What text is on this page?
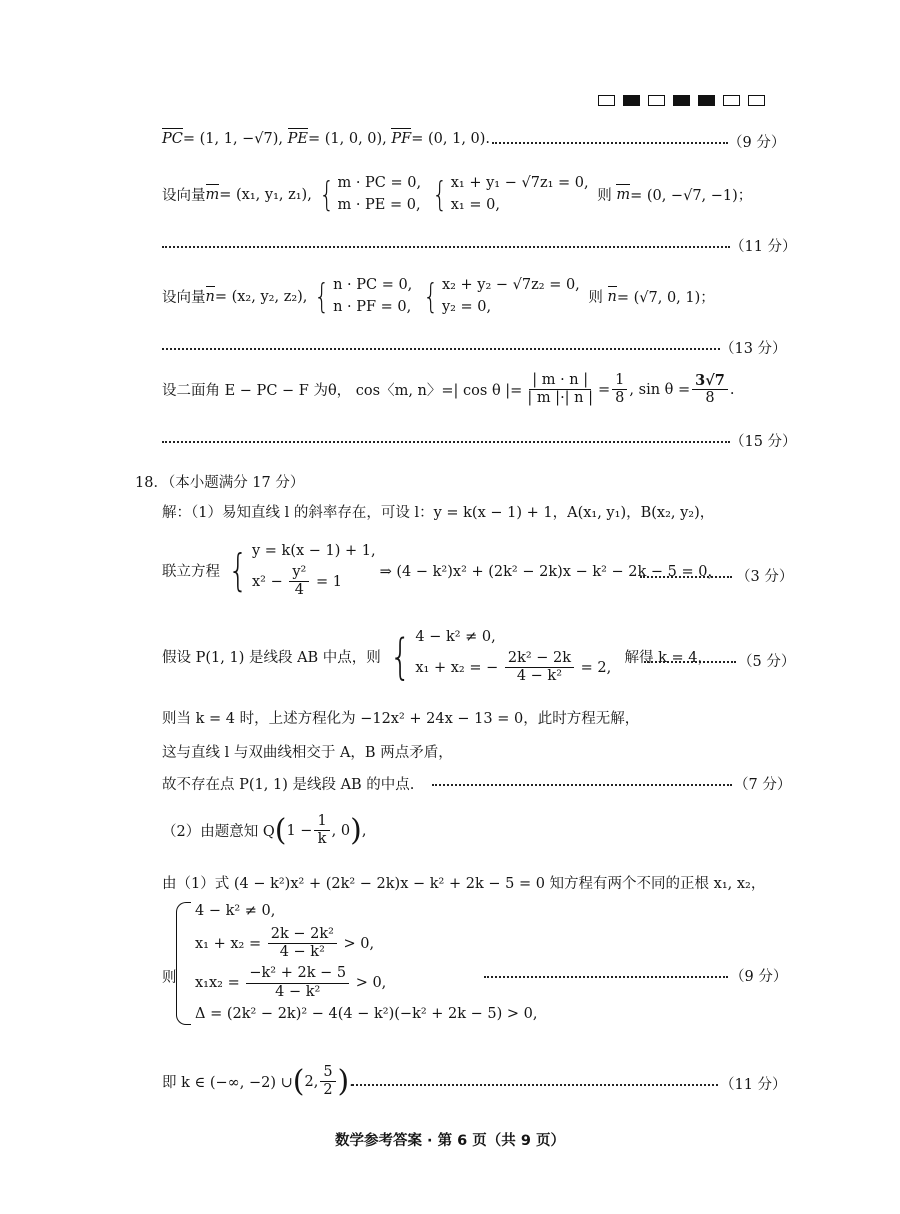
PC = (1, 1, −√7),
PE = (1, 0, 0),
PF = (0, 1, 0).	（9 分）
设向量 m = (x₁, y₁, z₁), { m · PC = 0,
m · PE = 0, { x₁ + y₁ − √7z₁ = 0,
x₁ = 0,

则
m = (0, −√7, −1)；
（11 分）
设向量 n = (x₂, y₂, z₂), { n · PC = 0,
n · PF = 0, { x₂ + y₂ − √7z₂ = 0,
y₂ = 0,

则
n = (√7, 0, 1)；
（13 分）
设二面角 E − PC − F 为θ，
cos〈m, n〉=| cos θ |= $\frac{| m \cdot n |}{| m |\cdot| n |} = \frac{1}{8}$ , $\sin \theta = \frac{3√7}{8}$ .
（15 分）
18．（本小题满分 17 分）
解：（1）易知直线 l 的斜率存在，可设 l：y = k(x − 1) + 1，A(x₁, y₁)，B(x₂, y₂)，
联立方程 { y = k(x − 1) + 1,
$x^2 - \frac{\text{y²}}{4} = 1$
⇒ (4 − k²)x² + (2k² − 2k)x − k² − 2k − 5 = 0， （3 分）
假设 P(1, 1) 是线段 AB 中点，则 { 4 − k² ≠ 0,
x₁ + x₂ = − $\frac{\text{2k² − 2k}}{\text{4 − k²}} = 2$,

解得 k = 4， （5 分）
则当 k = 4 时，上述方程化为 −12x² + 24x − 13 = 0，此时方程无解，
这与直线 l 与双曲线相交于 A，B 两点矛盾，
故不存在点 P(1, 1) 是线段 AB 的中点.	（7 分）
（2）由题意知 Q ( $1 - \frac{1}{k}$ , 0 ) ,
由（1）式 (4 − k²)x² + (2k² − 2k)x − k² + 2k − 5 = 0 知方程有两个不同的正根 x₁, x₂，
则
4 − k² ≠ 0,
$x_1 + x_2 = \frac{\text{2k − 2k²}}{\text{4 − k²}} > 0$,
$x_1x_2 = \frac{\text{−k² + 2k − 5}}{\text{4 − k²}} > 0$,
Δ = (2k² − 2k)² − 4(4 − k²)(−k² + 2k − 5) > 0,
（9 分）
即 k ∈ (−∞, −2) ∪ ( 2, $\frac{5}{2}$ ) .	（11 分）
数学参考答案 · 第 6 页（共 9 页）
